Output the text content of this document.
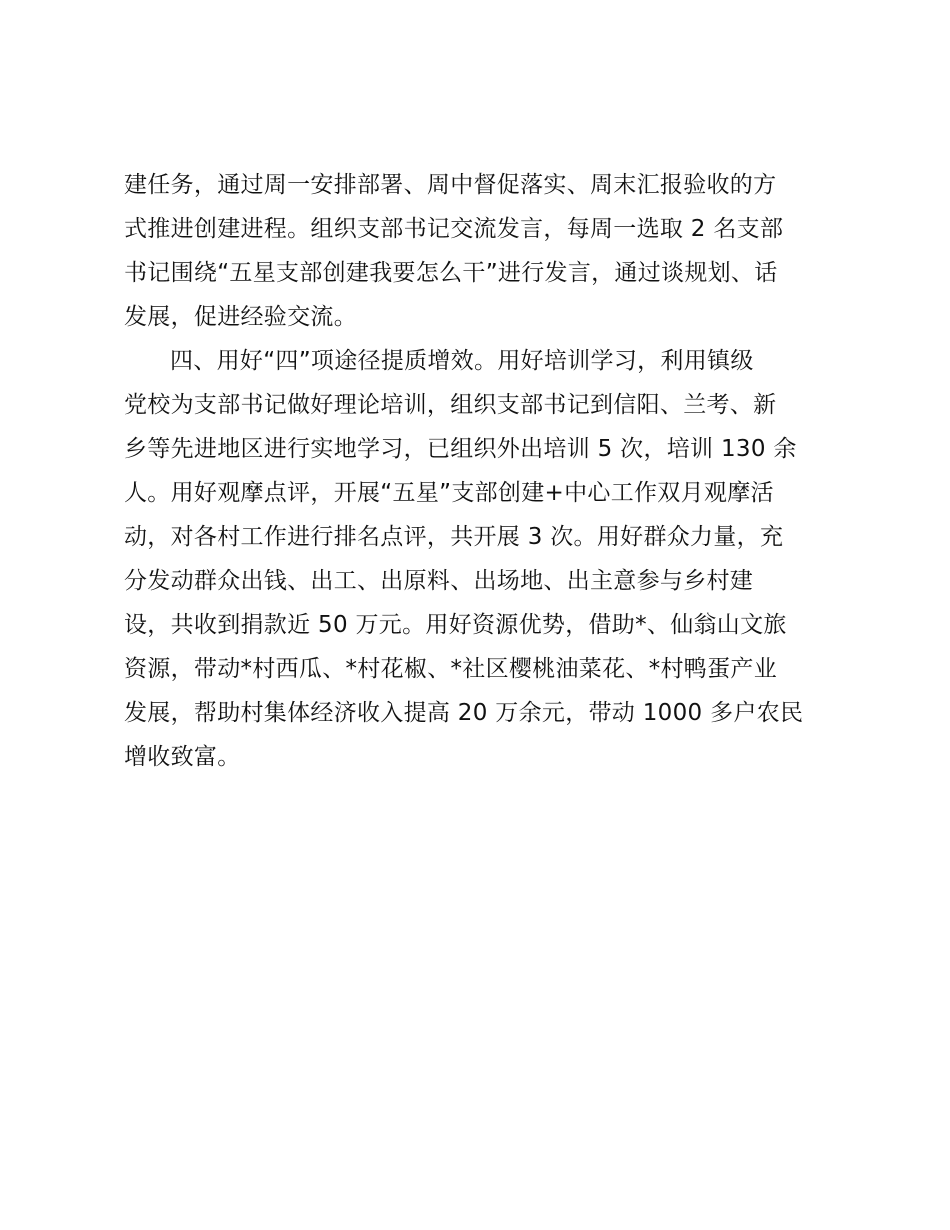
建任务，通过周一安排部署、周中督促落实、周末汇报验收的方
式推进创建进程。组织支部书记交流发言，每周一选取 2 名支部
书记围绕“五星支部创建我要怎么干”进行发言，通过谈规划、话
发展，促进经验交流。
四、用好“四”项途径提质增效。用好培训学习，利用镇级
党校为支部书记做好理论培训，组织支部书记到信阳、兰考、新
乡等先进地区进行实地学习，已组织外出培训 5 次，培训 130 余
人。用好观摩点评，开展“五星”支部创建+中心工作双月观摩活
动，对各村工作进行排名点评，共开展 3 次。用好群众力量，充
分发动群众出钱、出工、出原料、出场地、出主意参与乡村建
设，共收到捐款近 50 万元。用好资源优势，借助*、仙翁山文旅
资源，带动*村西瓜、*村花椒、*社区樱桃油菜花、*村鸭蛋产业
发展，帮助村集体经济收入提高 20 万余元，带动 1000 多户农民
增收致富。
